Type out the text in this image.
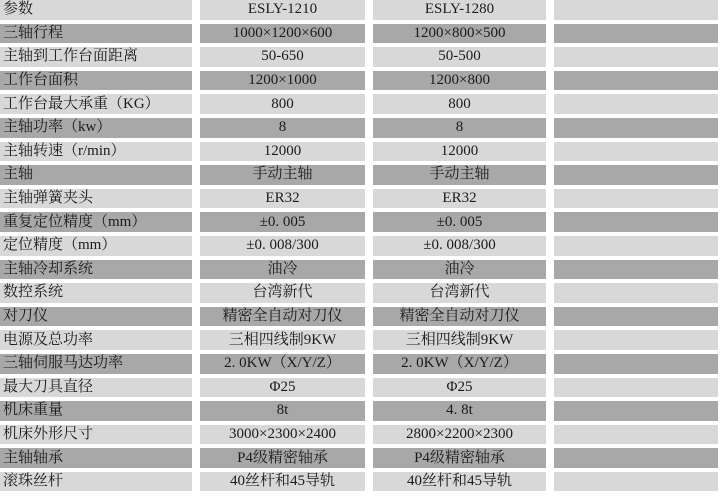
参数	ESLY-1210	ESLY-1280
三轴行程	1000×1200×600	1200×800×500
主轴到工作台面距离	50-650	50-500
工作台面积	1200×1000	1200×800
工作台最大承重（KG）	800	800
主轴功率（kw）	8	8
主轴转速（r/min）	12000	12000
主轴	手动主轴	手动主轴
主轴弹簧夹头	ER32	ER32
重复定位精度（mm）	±0. 005	±0. 005
定位精度（mm）	±0. 008/300	±0. 008/300
主轴冷却系统	油冷	油冷
数控系统	台湾新代	台湾新代
对刀仪	精密全自动对刀仪	精密全自动对刀仪
电源及总功率	三相四线制9KW	三相四线制9KW
三轴伺服马达功率	2. 0KW（X/Y/Z）	2. 0KW（X/Y/Z）
最大刀具直径	Φ25	Φ25
机床重量	8t	4. 8t
机床外形尺寸	3000×2300×2400	2800×2200×2300
主轴轴承	P4级精密轴承	P4级精密轴承
滚珠丝杆	40丝杆和45导轨	40丝杆和45导轨
